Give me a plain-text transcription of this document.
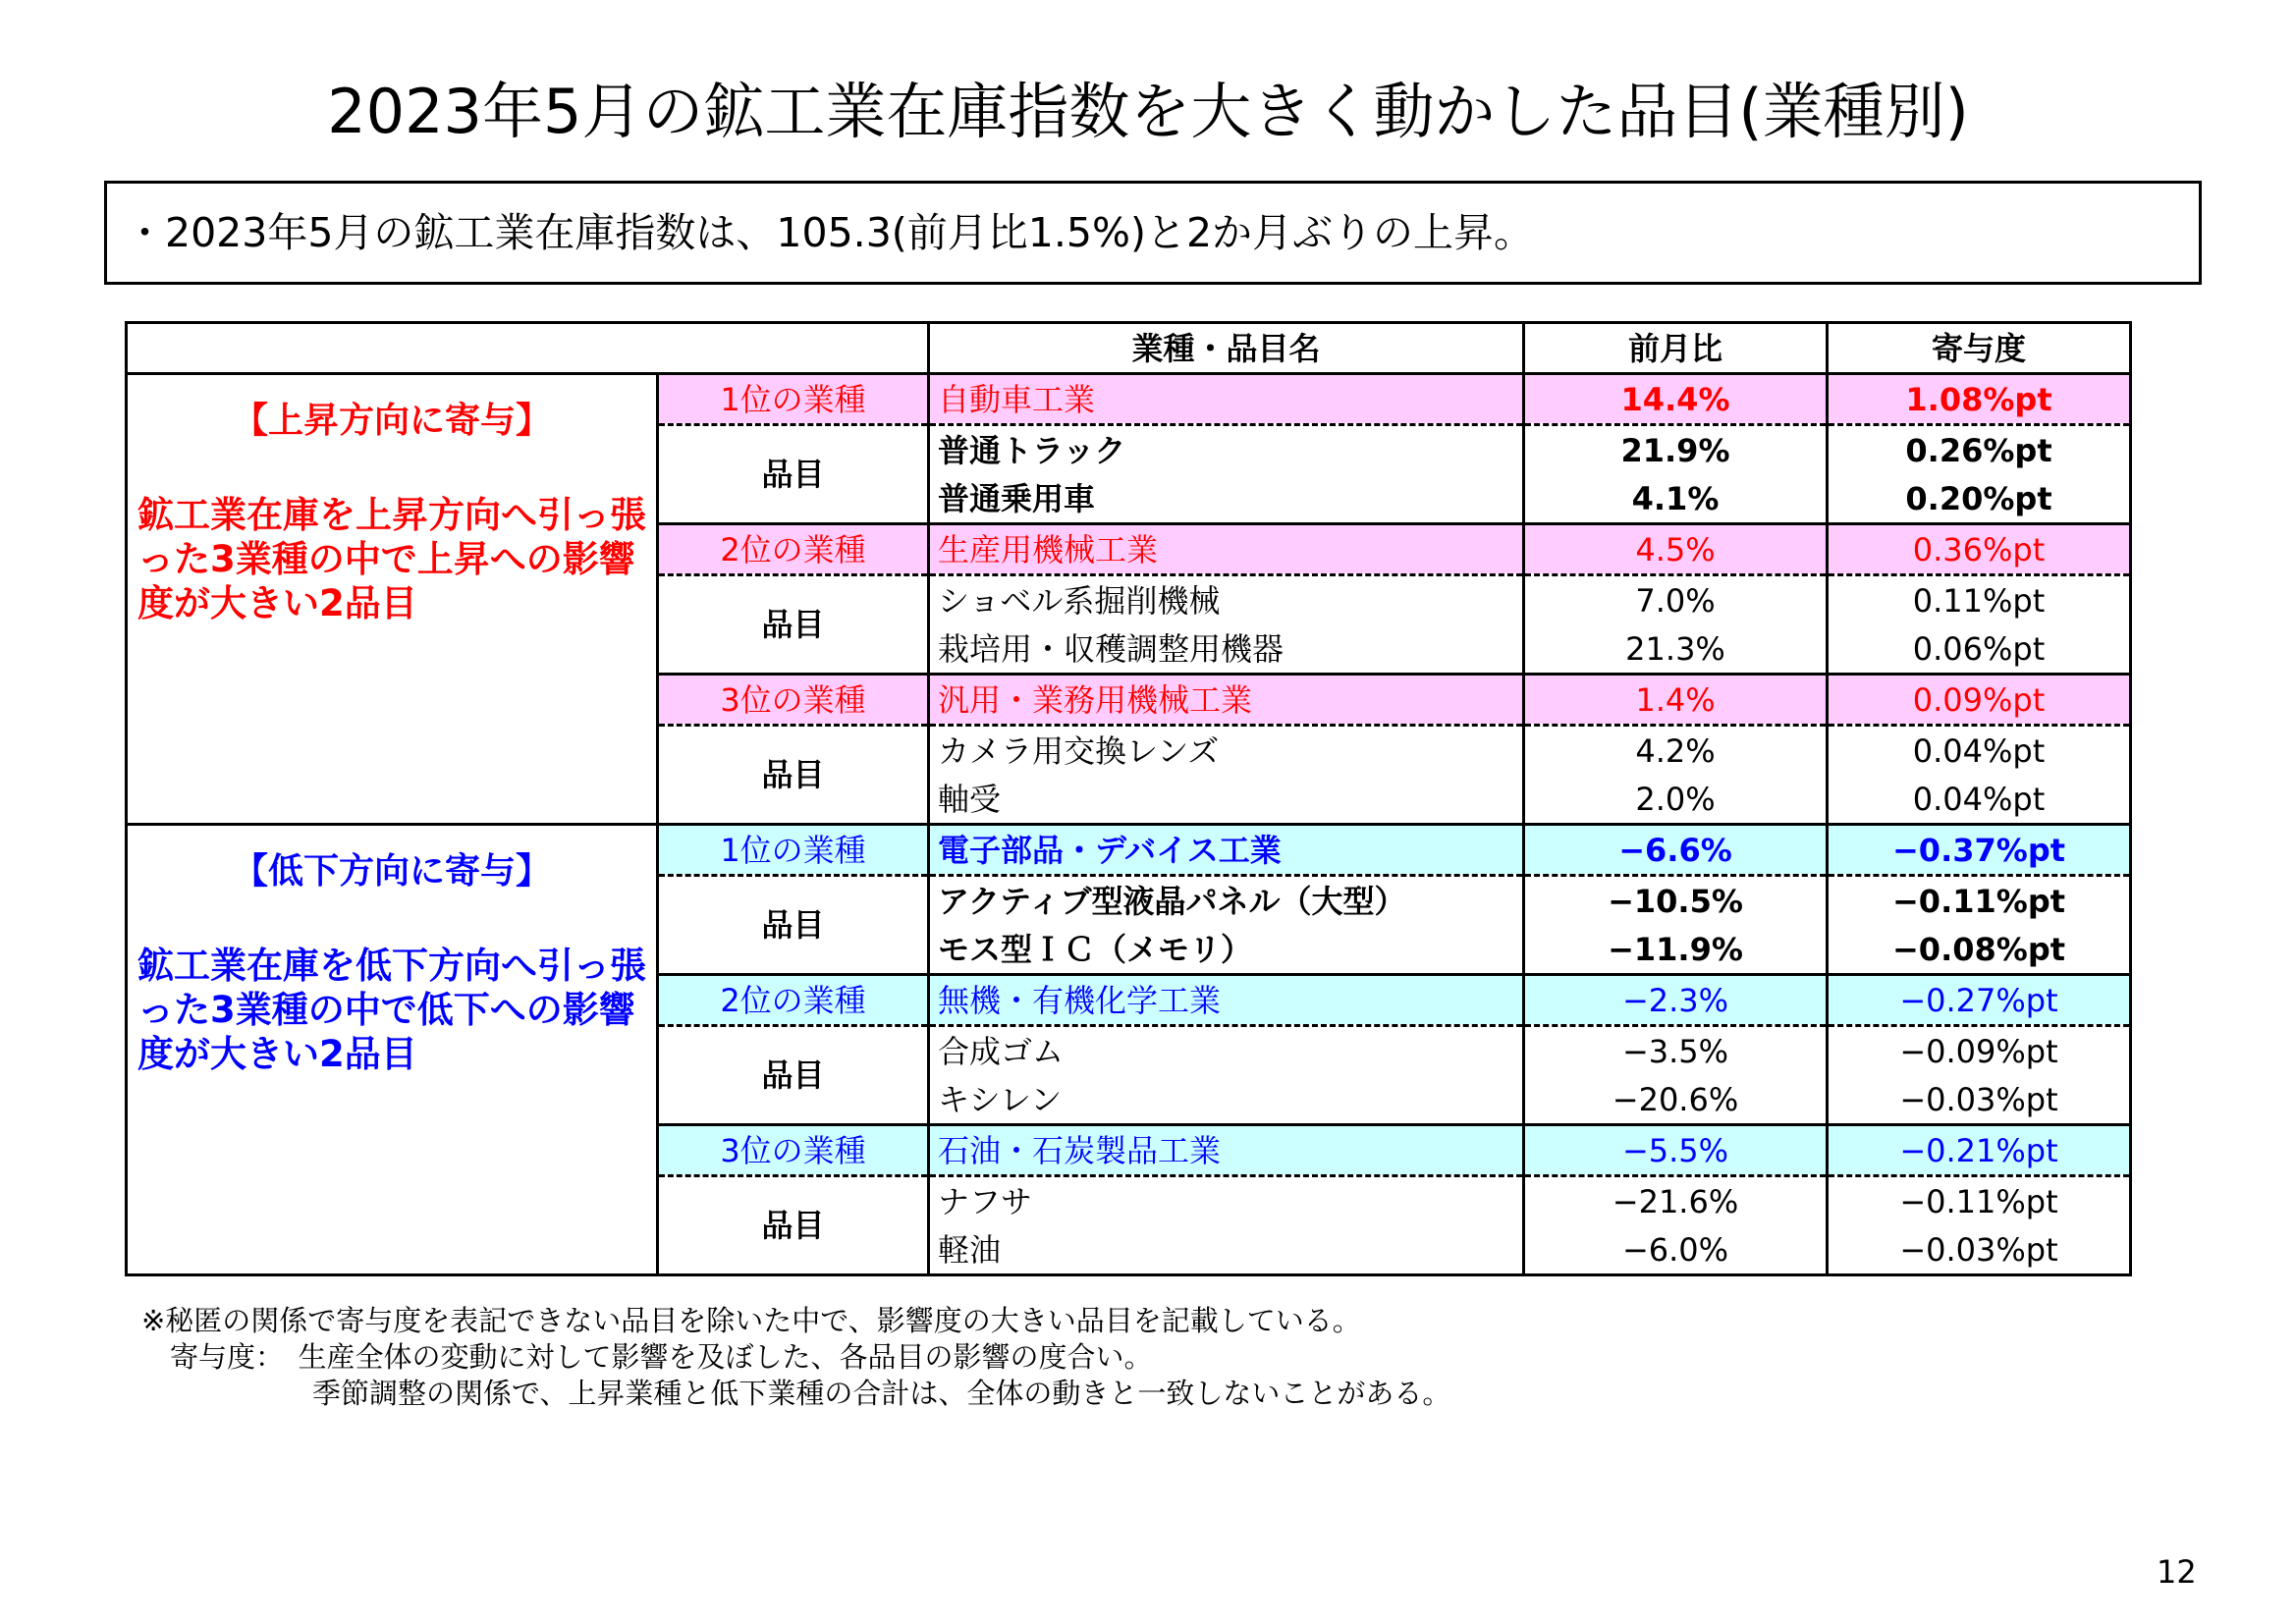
2023年5月の鉱工業在庫指数を大きく動かした品目(業種別)
・2023年5月の鉱工業在庫指数は、105.3(前月比1.5%)と2か月ぶりの上昇。
		業種・品目名	前月比	寄与度

【上昇方向に寄与】
鉱工業在庫を上昇方向へ引っ張った3業種の中で上昇への影響度が大きい2品目	1位の業種	自動車工業	14.4%	1.08%pt
	品目	普通トラック	21.9%	0.26%pt
		普通乗用車	4.1%	0.20%pt
	2位の業種	生産用機械工業	4.5%	0.36%pt
	品目	ショベル系掘削機械	7.0%	0.11%pt
		栽培用・収穫調整用機器	21.3%	0.06%pt
	3位の業種	汎用・業務用機械工業	1.4%	0.09%pt
	品目	カメラ用交換レンズ	4.2%	0.04%pt
		軸受	2.0%	0.04%pt

【低下方向に寄与】
鉱工業在庫を低下方向へ引っ張った3業種の中で低下への影響度が大きい2品目	1位の業種	電子部品・デバイス工業	−6.6%	−0.37%pt
	品目	アクティブ型液晶パネル（大型）	−10.5%	−0.11%pt
		モス型ＩＣ（メモリ）	−11.9%	−0.08%pt
	2位の業種	無機・有機化学工業	−2.3%	−0.27%pt
	品目	合成ゴム	−3.5%	−0.09%pt
		キシレン	−20.6%	−0.03%pt
	3位の業種	石油・石炭製品工業	−5.5%	−0.21%pt
	品目	ナフサ	−21.6%	−0.11%pt
		軽油	−6.0%	−0.03%pt
※秘匿の関係で寄与度を表記できない品目を除いた中で、影響度の大きい品目を記載している。
　寄与度：　生産全体の変動に対して影響を及ぼした、各品目の影響の度合い。
　　　　　　季節調整の関係で、上昇業種と低下業種の合計は、全体の動きと一致しないことがある。
12
